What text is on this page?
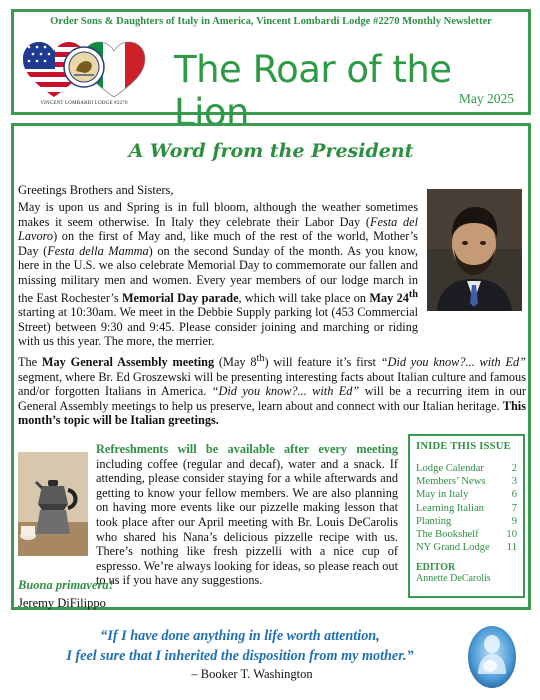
Order Sons & Daughters of Italy in America, Vincent Lombardi Lodge #2270 Monthly Newsletter
VINCENT LOMBARDI LODGE #2270
The Roar of the Lion	May 2025
A Word from the President
Greetings Brothers and Sisters,
May is upon us and Spring is in full bloom, although the weather sometimes makes it seem otherwise. In Italy they celebrate their Labor Day (Festa del Lavoro) on the first of May and, like much of the rest of the world, Mother’s Day (Festa della Mamma) on the second Sunday of the month. As you know, here in the U.S. we also celebrate Memorial Day to commemorate our fallen and missing military men and women. Every year members of our lodge march in the East Rochester’s Memorial Day parade, which will take place on May 24th starting at 10:30am. We meet in the Debbie Supply parking lot (453 Commercial Street) between 9:30 and 9:45. Please consider joining and marching or riding with us this year. The more, the merrier.
The May General Assembly meeting (May 8th) will feature it’s first “Did you know?... with Ed” segment, where Br. Ed Groszewski will be presenting interesting facts about Italian culture and famous and/or forgotten Italians in America. “Did you know?... with Ed” will be a recurring item in our General Assembly meetings to help us preserve, learn about and connect with our Italian heritage. This month’s topic will be Italian greetings.
Refreshments will be available after every meeting including coffee (regular and decaf), water and a snack. If attending, please consider staying for a while afterwards and getting to know your fellow members. We are also planning on having more events like our pizzelle making lesson that took place after our April meeting with Br. Louis DeCarolis who shared his Nana’s delicious pizzelle recipe with us. There’s nothing like fresh pizzelli with a nice cup of espresso. We’re always looking for ideas, so please reach out to us if you have any suggestions.
INIDE THIS ISSUE
Lodge Calendar	2
Members’ News 3
May in Italy	6
Learning Italian	7
Planting	9
The Bookshelf	10
NY Grand Lodge 11
EDITOR
Annette DeCarolis
Buona primavera!
Jeremy DiFilippo
“If I have done anything in life worth attention,
I feel sure that I inherited the disposition from my mother.”
– Booker T. Washington
